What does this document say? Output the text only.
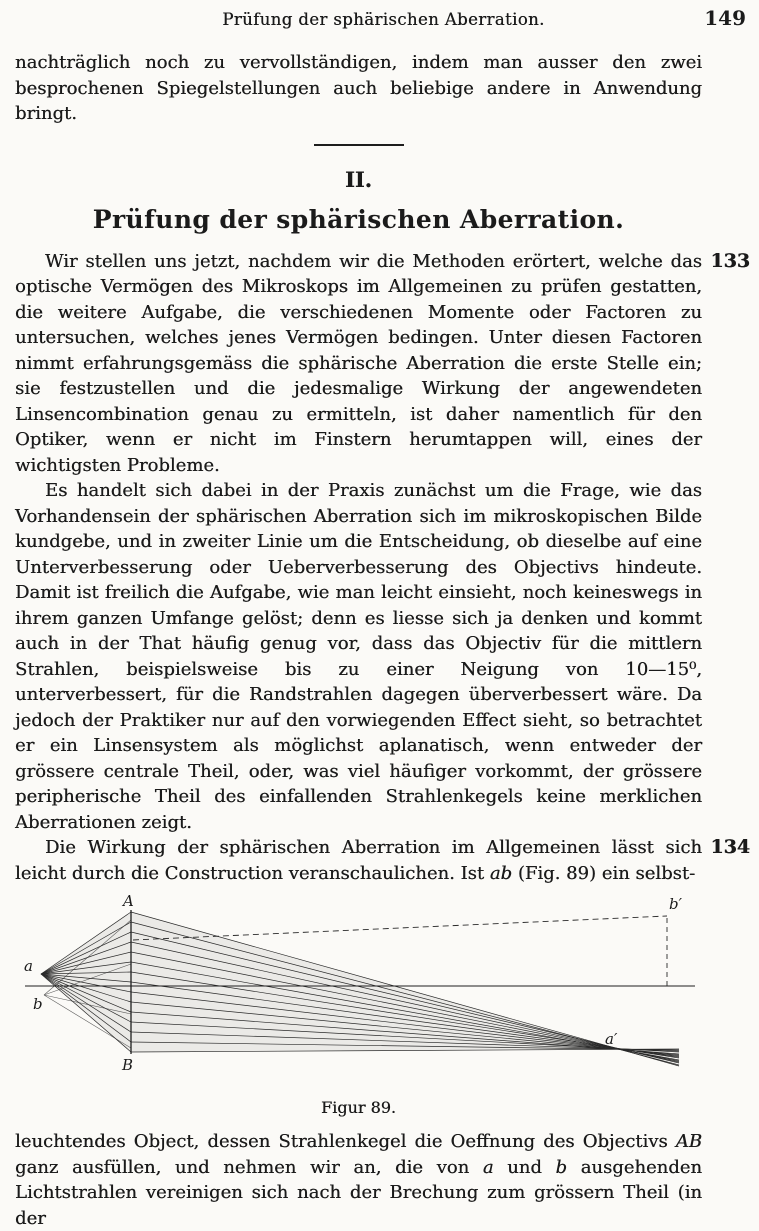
Prüfung der sphärischen Aberration.	149

nachträglich noch zu vervollständigen, indem man ausser den zwei besprochenen Spiegelstellungen auch beliebige andere in Anwendung bringt.

II.
Prüfung der sphärischen Aberration.
133
Wir stellen uns jetzt, nachdem wir die Methoden erörtert, welche das optische Vermögen des Mikroskops im Allgemeinen zu prüfen gestatten, die weitere Aufgabe, die verschiedenen Momente oder Factoren zu untersuchen, welches jenes Vermögen bedingen. Unter diesen Factoren nimmt erfahrungsgemäss die sphärische Aberration die erste Stelle ein; sie festzustellen und die jedesmalige Wirkung der angewendeten Linsencombination genau zu ermitteln, ist daher namentlich für den Optiker, wenn er nicht im Finstern herumtappen will, eines der wichtigsten Probleme.
Es handelt sich dabei in der Praxis zunächst um die Frage, wie das Vorhandensein der sphärischen Aberration sich im mikroskopischen Bilde kundgebe, und in zweiter Linie um die Entscheidung, ob dieselbe auf eine Unterverbesserung oder Ueberverbesserung des Objectivs hindeute. Damit ist freilich die Aufgabe, wie man leicht einsieht, noch keineswegs in ihrem ganzen Umfange gelöst; denn es liesse sich ja denken und kommt auch in der That häufig genug vor, dass das Objectiv für die mittlern Strahlen, beispielsweise bis zu einer Neigung von 10—15⁰, unterverbessert, für die Randstrahlen dagegen überverbessert wäre. Da jedoch der Praktiker nur auf den vorwiegenden Effect sieht, so betrachtet er ein Linsensystem als möglichst aplanatisch, wenn entweder der grössere centrale Theil, oder, was viel häufiger vorkommt, der grössere peripherische Theil des einfallenden Strahlenkegels keine merklichen Aberrationen zeigt.
134
Die Wirkung der sphärischen Aberration im Allgemeinen lässt sich leicht durch die Construction veranschaulichen. Ist ab (Fig. 89) ein selbst-
A
B
a
b
b′
a′
Figur 89.

leuchtendes Object, dessen Strahlenkegel die Oeffnung des Objectivs AB ganz ausfüllen, und nehmen wir an, die von a und b ausgehenden Lichtstrahlen vereinigen sich nach der Brechung zum grössern Theil (in der
